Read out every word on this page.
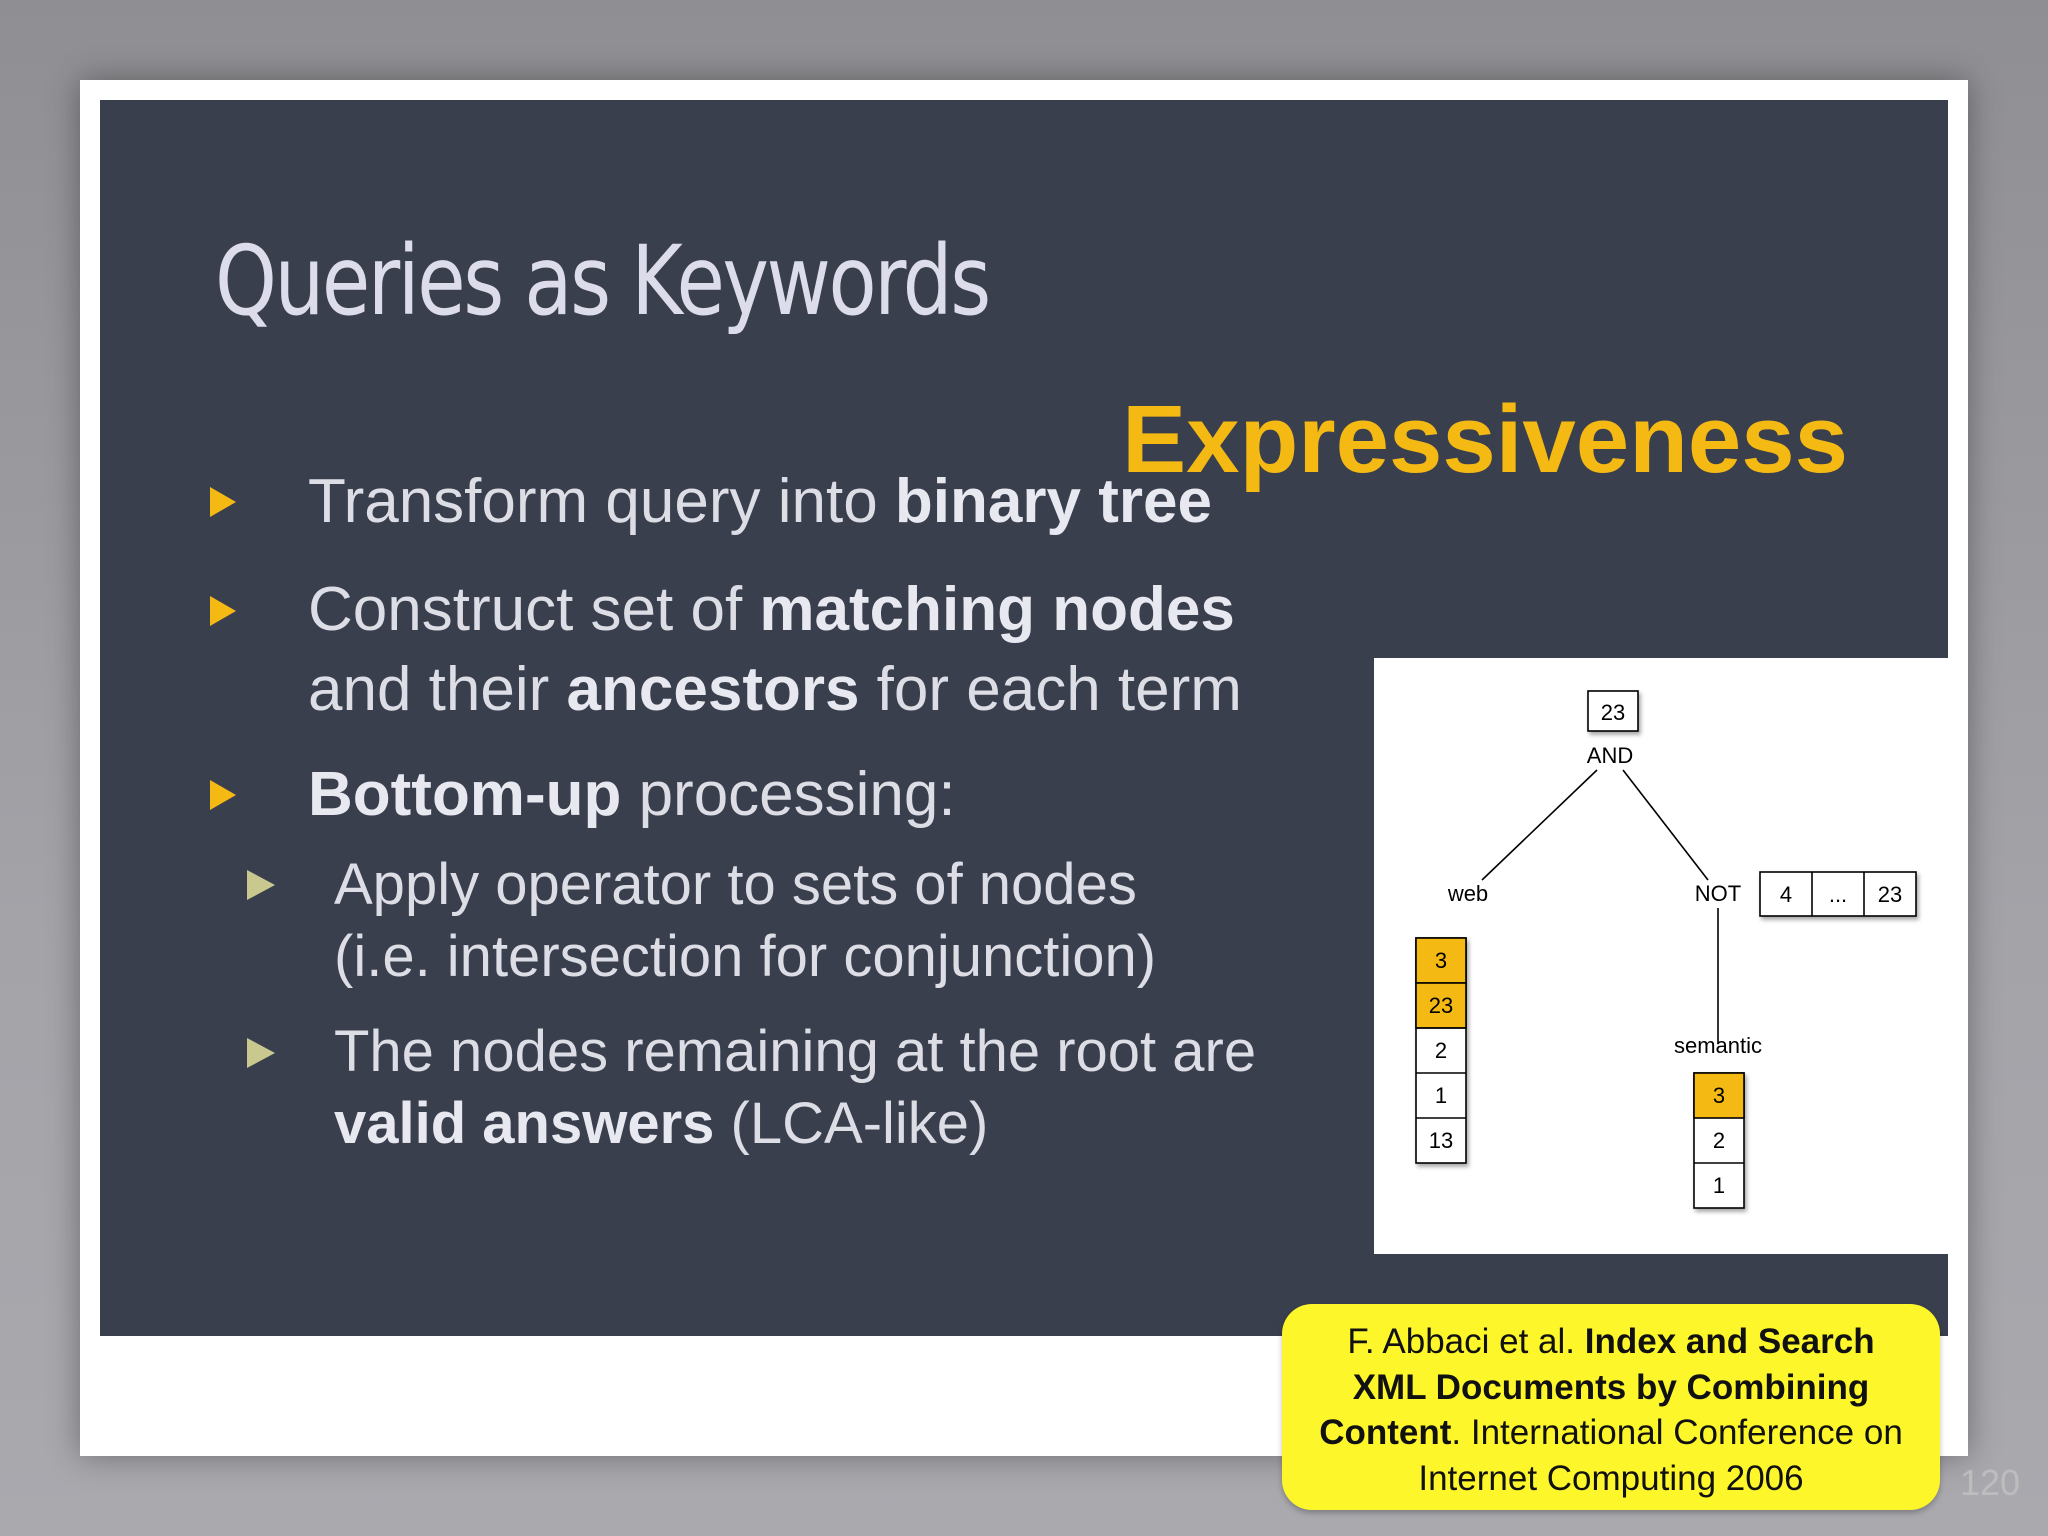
Queries as Keywords
Expressiveness
Transform query into binary tree
Construct set of matching nodes
and their ancestors for each term
Bottom-up processing:
Apply operator to sets of nodes
(i.e. intersection for conjunction)
The nodes remaining at the root are
valid answers (LCA-like)
23
AND
web	NOT
semantic
4 ... 23
3
23
2
1
13
3
2
1
F. Abbaci et al. Index and Search
XML Documents by Combining
Content. International Conference on
Internet Computing 2006	120
